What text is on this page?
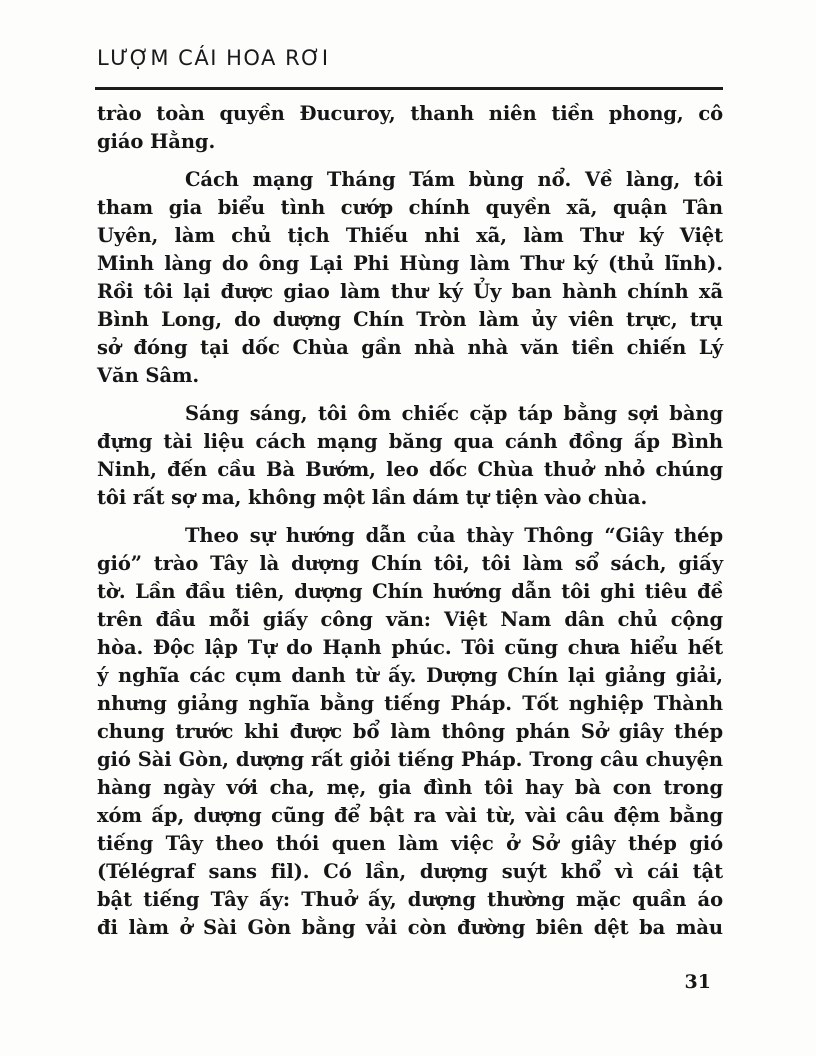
LƯỢM CÁI HOA RƠI
trào toàn quyền Đucuroy, thanh niên tiền phong, cô
giáo Hằng.
Cách mạng Tháng Tám bùng nổ. Về làng, tôi
tham gia biểu tình cướp chính quyền xã, quận Tân
Uyên, làm chủ tịch Thiếu nhi xã, làm Thư ký Việt
Minh làng do ông Lại Phi Hùng làm Thư ký (thủ lĩnh).
Rồi tôi lại được giao làm thư ký Ủy ban hành chính xã
Bình Long, do dượng Chín Tròn làm ủy viên trực, trụ
sở đóng tại dốc Chùa gần nhà nhà văn tiền chiến Lý
Văn Sâm.
Sáng sáng, tôi ôm chiếc cặp táp bằng sợi bàng
đựng tài liệu cách mạng băng qua cánh đồng ấp Bình
Ninh, đến cầu Bà Bướm, leo dốc Chùa thuở nhỏ chúng
tôi rất sợ ma, không một lần dám tự tiện vào chùa.
Theo sự hướng dẫn của thày Thông “Giây thép
gió” trào Tây là dượng Chín tôi, tôi làm sổ sách, giấy
tờ. Lần đầu tiên, dượng Chín hướng dẫn tôi ghi tiêu đề
trên đầu mỗi giấy công văn: Việt Nam dân chủ cộng
hòa. Độc lập Tự do Hạnh phúc. Tôi cũng chưa hiểu hết
ý nghĩa các cụm danh từ ấy. Dượng Chín lại giảng giải,
nhưng giảng nghĩa bằng tiếng Pháp. Tốt nghiệp Thành
chung trước khi được bổ làm thông phán Sở giây thép
gió Sài Gòn, dượng rất giỏi tiếng Pháp. Trong câu chuyện
hàng ngày với cha, mẹ, gia đình tôi hay bà con trong
xóm ấp, dượng cũng để bật ra vài từ, vài câu đệm bằng
tiếng Tây theo thói quen làm việc ở Sở giây thép gió
(Télégraf sans fil). Có lần, dượng suýt khổ vì cái tật
bật tiếng Tây ấy: Thuở ấy, dượng thường mặc quần áo
đi làm ở Sài Gòn bằng vải còn đường biên dệt ba màu
31
